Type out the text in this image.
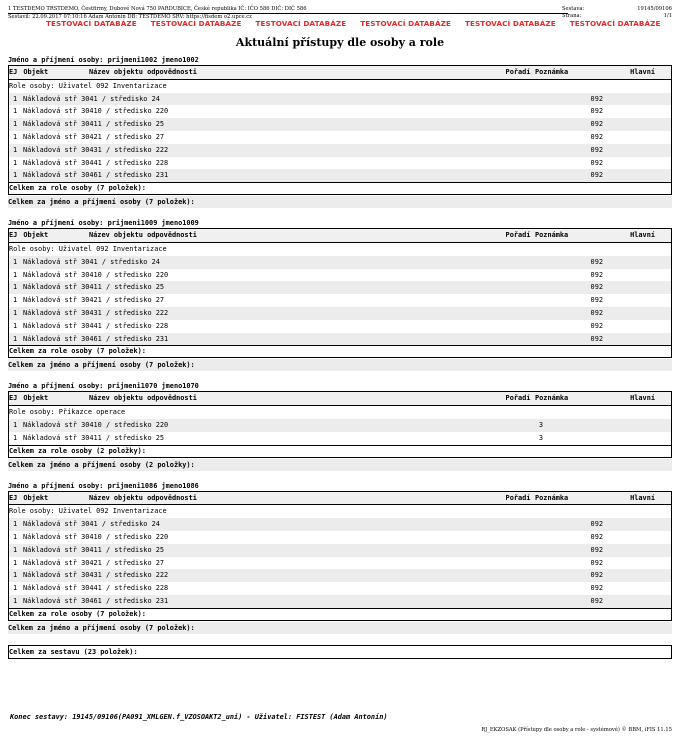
1 TESTDEMO TRSTDEMO, Čestfirmy, Dubové Nová 750 PARDUBICE, České republika IČ: IČO 586 DIČ: DIČ 586
Sestavil: 22.09.2017 07:10:16 Adam Antonin DB: TESTDEMO SRV: https://fisdem o2.upce.cz
Sestava:	19145/09106
Strana:	1/1
TESTOVACÍ DATABÁZE TESTOVACÍ DATABÁZE TESTOVACÍ DATABÁZE TESTOVACÍ DATABÁZE TESTOVACÍ DATABÁZE TESTOVACÍ DATABÁZE
Aktuální přístupy dle osoby a role
Jméno a příjmení osoby: prijmeni1002 jmeno1002
EJ Objekt	Název objektu odpovědnosti	Pořadí Poznámka	Hlavní
Role osoby: Uživatel 092 Inventarizace
1 Nákladová stř 3041 / středisko 24	092
1 Nákladová stř 30410 / středisko 220	092
1 Nákladová stř 30411 / středisko 25	092
1 Nákladová stř 30421 / středisko 27	092
1 Nákladová stř 30431 / středisko 222	092
1 Nákladová stř 30441 / středisko 228	092
1 Nákladová stř 30461 / středisko 231	092
Celkem za role osoby (7 položek):
Celkem za jméno a příjmení osoby (7 položek):
Jméno a příjmení osoby: prijmeni1009 jmeno1009
EJ Objekt	Název objektu odpovědnosti	Pořadí Poznámka	Hlavní
Role osoby: Uživatel 092 Inventarizace
1 Nákladová stř 3041 / středisko 24	092
1 Nákladová stř 30410 / středisko 220	092
1 Nákladová stř 30411 / středisko 25	092
1 Nákladová stř 30421 / středisko 27	092
1 Nákladová stř 30431 / středisko 222	092
1 Nákladová stř 30441 / středisko 228	092
1 Nákladová stř 30461 / středisko 231	092
Celkem za role osoby (7 položek):
Celkem za jméno a příjmení osoby (7 položek):
Jméno a příjmení osoby: prijmeni1070 jmeno1070
EJ Objekt	Název objektu odpovědnosti	Pořadí Poznámka	Hlavní
Role osoby: Příkazce operace
1 Nákladová stř 30410 / středisko 220	3
1 Nákladová stř 30411 / středisko 25	3
Celkem za role osoby (2 položky):
Celkem za jméno a příjmení osoby (2 položky):
Jméno a příjmení osoby: prijmeni1086 jmeno1086
EJ Objekt	Název objektu odpovědnosti	Pořadí Poznámka	Hlavní
Role osoby: Uživatel 092 Inventarizace
1 Nákladová stř 3041 / středisko 24	092
1 Nákladová stř 30410 / středisko 220	092
1 Nákladová stř 30411 / středisko 25	092
1 Nákladová stř 30421 / středisko 27	092
1 Nákladová stř 30431 / středisko 222	092
1 Nákladová stř 30441 / středisko 228	092
1 Nákladová stř 30461 / středisko 231	092
Celkem za role osoby (7 položek):
Celkem za jméno a příjmení osoby (7 položek):
Celkem za sestavu (23 položek):
Konec sestavy: 19145/09106(PA091_XMLGEN.f_VZOSOAKT2_uni) - Uživatel: FISTEST (Adam Antonín)
RJ_EKZOSAK (Přístupy dle osoby a role - systémové) © BBM, iFIS 11.15
